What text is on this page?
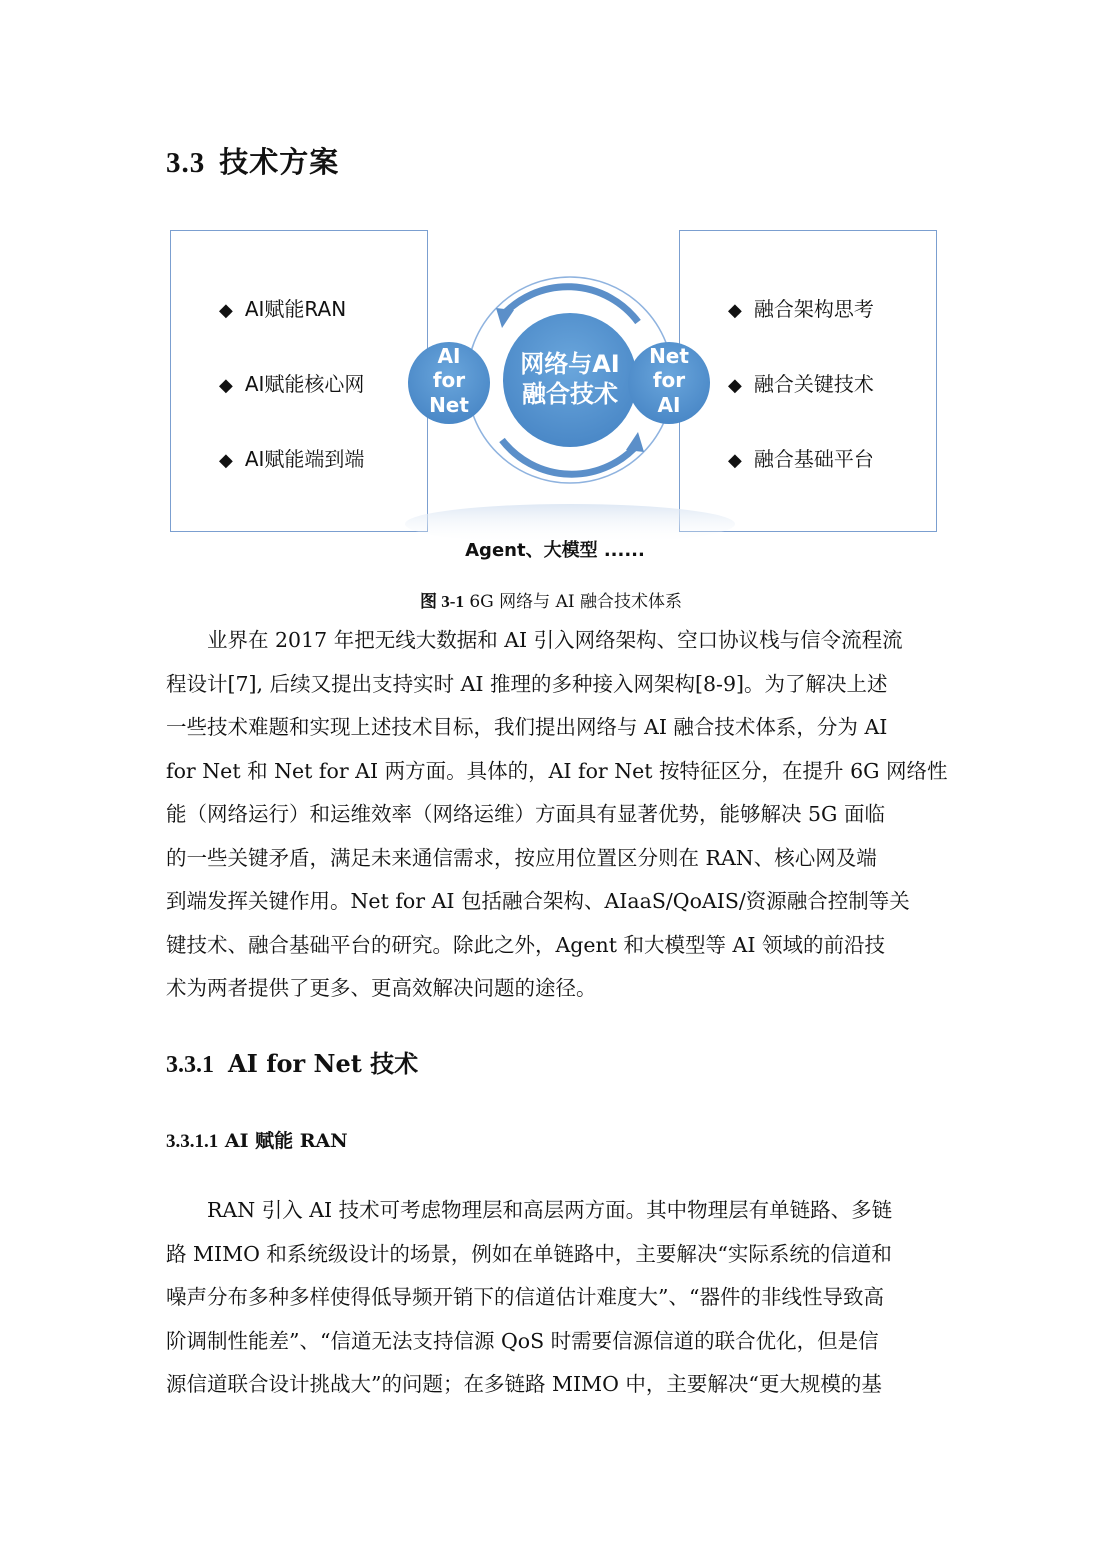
3.3 技术方案
◆ AI赋能RAN
◆ AI赋能核心网
◆ AI赋能端到端
◆ 融合架构思考
◆ 融合关键技术
◆ 融合基础平台
网络与AI
融合技术
AI
for
Net
Net
for
AI
Agent、大模型 ......
图 3-1 6G 网络与 AI 融合技术体系
业界在 2017 年把无线大数据和 AI 引入网络架构、空口协议栈与信令流程流
程设计[7], 后续又提出支持实时 AI 推理的多种接入网架构[8-9]。为了解决上述
一些技术难题和实现上述技术目标，我们提出网络与 AI 融合技术体系，分为 AI
for Net 和 Net for AI 两方面。具体的，AI for Net 按特征区分，在提升 6G 网络性
能（网络运行）和运维效率（网络运维）方面具有显著优势，能够解决 5G 面临
的一些关键矛盾，满足未来通信需求，按应用位置区分则在 RAN、核心网及端
到端发挥关键作用。Net for AI 包括融合架构、AIaaS/QoAIS/资源融合控制等关
键技术、融合基础平台的研究。除此之外，Agent 和大模型等 AI 领域的前沿技
术为两者提供了更多、更高效解决问题的途径。
3.3.1 AI for Net 技术
3.3.1.1 AI 赋能 RAN
RAN 引入 AI 技术可考虑物理层和高层两方面。其中物理层有单链路、多链
路 MIMO 和系统级设计的场景，例如在单链路中，主要解决“实际系统的信道和
噪声分布多种多样使得低导频开销下的信道估计难度大”、“器件的非线性导致高
阶调制性能差”、“信道无法支持信源 QoS 时需要信源信道的联合优化，但是信
源信道联合设计挑战大”的问题；在多链路 MIMO 中，主要解决“更大规模的基
